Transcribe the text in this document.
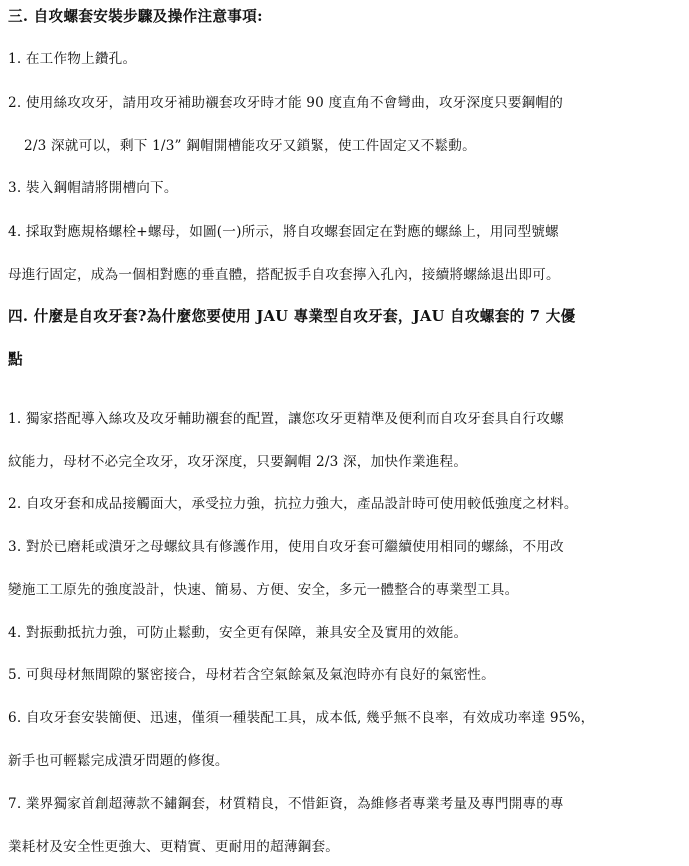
三. 自攻螺套安裝步驟及操作注意事項:
1. 在工作物上鑽孔。
2. 使用絲攻攻牙，請用攻牙補助襯套攻牙時才能 90 度直角不會彎曲，攻牙深度只要鋼帽的
2/3 深就可以，剩下 1/3” 鋼帽開槽能攻牙又鎖緊，使工件固定又不鬆動。
3. 裝入鋼帽請將開槽向下。
4. 採取對應規格螺栓+螺母，如圖(一)所示，將自攻螺套固定在對應的螺絲上，用同型號螺
母進行固定，成為一個相對應的垂直體，搭配扳手自攻套擰入孔內，接續將螺絲退出即可。
四. 什麼是自攻牙套?為什麼您要使用 JAU 專業型自攻牙套，JAU 自攻螺套的 7 大優
點
1. 獨家搭配導入絲攻及攻牙輔助襯套的配置，讓您攻牙更精準及便利而自攻牙套具自行攻螺
紋能力，母材不必完全攻牙，攻牙深度，只要鋼帽 2/3 深，加快作業進程。
2. 自攻牙套和成品接觸面大，承受拉力強，抗拉力強大，產品設計時可使用較低強度之材料。
3. 對於已磨耗或潰牙之母螺紋具有修護作用，使用自攻牙套可繼續使用相同的螺絲，不用改
變施工工原先的強度設計，快速、簡易、方便、安全，多元一體整合的專業型工具。
4. 對振動抵抗力強，可防止鬆動，安全更有保障，兼具安全及實用的效能。
5. 可與母材無間隙的緊密接合，母材若含空氣餘氣及氣泡時亦有良好的氣密性。
6. 自攻牙套安裝簡便、迅速，僅須一種裝配工具，成本低, 幾乎無不良率，有效成功率達 95%，
新手也可輕鬆完成潰牙問題的修復。
7. 業界獨家首創超薄款不鏽鋼套，材質精良，不惜鉅資，為維修者專業考量及專門開專的專
業耗材及安全性更強大、更精實、更耐用的超薄鋼套。
